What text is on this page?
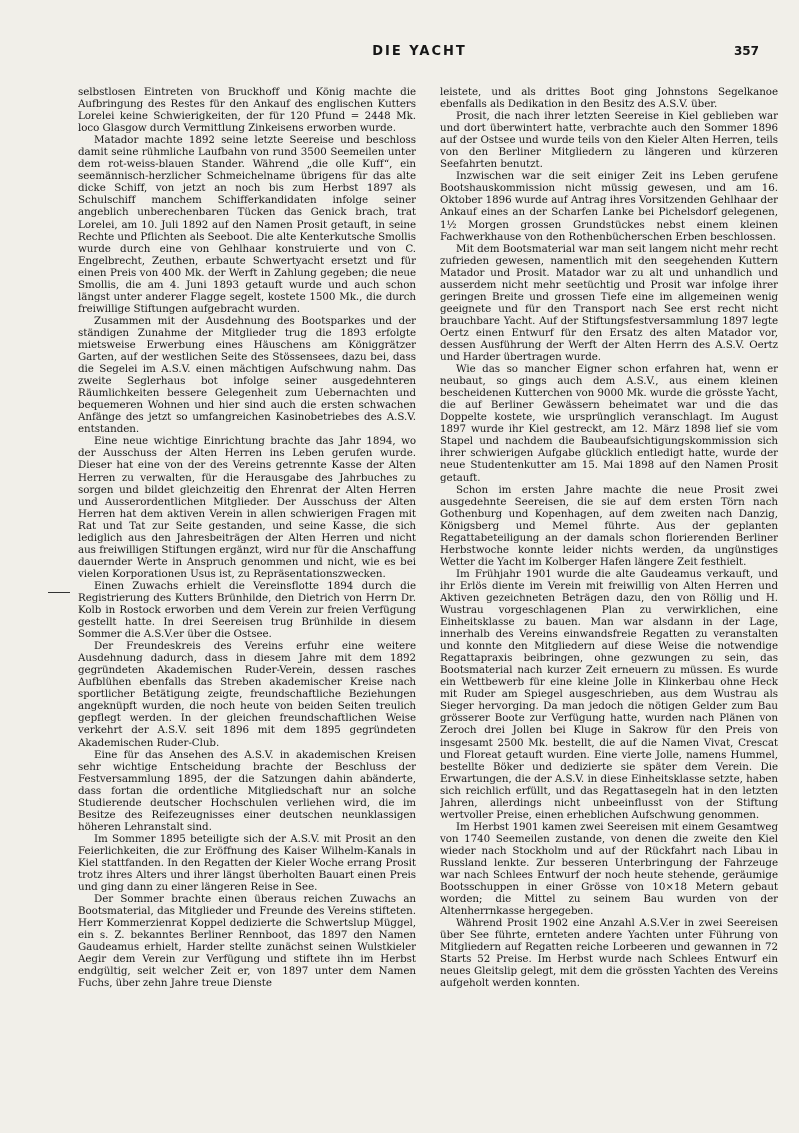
DIE YACHT	357

selbstlosen Eintreten von Bruckhoff und König machte die Aufbringung des Restes für den Ankauf des englischen Kutters Lorelei keine Schwierigkeiten, der für 120 Pfund = 2448 Mk. loco Glasgow durch Vermittlung Zinkeisens erworben wurde.

Matador machte 1892 seine letzte Seereise und beschloss damit seine rühmliche Laufbahn von rund 3500 Seemeilen unter dem rot-weiss-blauen Stander. Während „die olle Kuff“, ein seemännisch-herzlicher Schmeichelname übrigens für das alte dicke Schiff, von jetzt an noch bis zum Herbst 1897 als Schulschiff manchem Schifferkandidaten infolge seiner angeblich unberechenbaren Tücken das Genick brach, trat Lorelei, am 10. Juli 1892 auf den Namen Prosit getauft, in seine Rechte und Pflichten als Seeboot. Die alte Kenterkutsche Smollis wurde durch eine von Gehlhaar konstruierte und von C. Engelbrecht, Zeuthen, erbaute Schwertyacht ersetzt und für einen Preis von 400 Mk. der Werft in Zahlung gegeben; die neue Smollis, die am 4. Juni 1893 getauft wurde und auch schon längst unter anderer Flagge segelt, kostete 1500 Mk., die durch freiwillige Stiftungen aufgebracht wurden.

Zusammen mit der Ausdehnung des Bootsparkes und der ständigen Zunahme der Mitglieder trug die 1893 erfolgte mietsweise Erwerbung eines Häuschens am Königgrätzer Garten, auf der westlichen Seite des Stössensees, dazu bei, dass die Segelei im A.S.V. einen mächtigen Aufschwung nahm. Das zweite Seglerhaus bot infolge seiner ausgedehnteren Räumlichkeiten bessere Gelegenheit zum Uebernachten und bequemeren Wohnen und hier sind auch die ersten schwachen Anfänge des jetzt so umfangreichen Kasinobetriebes des A.S.V. entstanden.

Eine neue wichtige Einrichtung brachte das Jahr 1894, wo der Ausschuss der Alten Herren ins Leben gerufen wurde. Dieser hat eine von der des Vereins getrennte Kasse der Alten Herren zu verwalten, für die Herausgabe des Jahrbuches zu sorgen und bildet gleichzeitig den Ehrenrat der Alten Herren und Ausserordentlichen Mitglieder. Der Ausschuss der Alten Herren hat dem aktiven Verein in allen schwierigen Fragen mit Rat und Tat zur Seite gestanden, und seine Kasse, die sich lediglich aus den Jahresbeiträgen der Alten Herren und nicht aus freiwilligen Stiftungen ergänzt, wird nur für die Anschaffung dauernder Werte in Anspruch genommen und nicht, wie es bei vielen Korporationen Usus ist, zu Repräsentationszwecken.

Einen Zuwachs erhielt die Vereinsflotte 1894 durch die Registrierung des Kutters Brünhilde, den Dietrich von Herrn Dr. Kolb in Rostock erworben und dem Verein zur freien Verfügung gestellt hatte. In drei Seereisen trug Brünhilde in diesem Sommer die A.S.V.er über die Ostsee.

Der Freundeskreis des Vereins erfuhr eine weitere Ausdehnung dadurch, dass in diesem Jahre mit dem 1892 gegründeten Akademischen Ruder-Verein, dessen rasches Aufblühen ebenfalls das Streben akademischer Kreise nach sportlicher Betätigung zeigte, freundschaftliche Beziehungen angeknüpft wurden, die noch heute von beiden Seiten treulich gepflegt werden. In der gleichen freundschaftlichen Weise verkehrt der A.S.V. seit 1896 mit dem 1895 gegründeten Akademischen Ruder-Club.

Eine für das Ansehen des A.S.V. in akademischen Kreisen sehr wichtige Entscheidung brachte der Beschluss der Festversammlung 1895, der die Satzungen dahin abänderte, dass fortan die ordentliche Mitgliedschaft nur an solche Studierende deutscher Hochschulen verliehen wird, die im Besitze des Reifezeugnisses einer deutschen neunklassigen höheren Lehranstalt sind.

Im Sommer 1895 beteiligte sich der A.S.V. mit Prosit an den Feierlichkeiten, die zur Eröffnung des Kaiser Wilhelm-Kanals in Kiel stattfanden. In den Regatten der Kieler Woche errang Prosit trotz ihres Alters und ihrer längst überholten Bauart einen Preis und ging dann zu einer längeren Reise in See.

Der Sommer brachte einen überaus reichen Zuwachs an Bootsmaterial, das Mitglieder und Freunde des Vereins stifteten. Herr Kommerzienrat Koppel dedizierte die Schwertslup Müggel, ein s. Z. bekanntes Berliner Rennboot, das 1897 den Namen Gaudeamus erhielt, Harder stellte zunächst seinen Wulstkieler Aegir dem Verein zur Verfügung und stiftete ihn im Herbst endgültig, seit welcher Zeit er, von 1897 unter dem Namen Fuchs, über zehn Jahre treue Dienste

leistete, und als drittes Boot ging Johnstons Segelkanoe ebenfalls als Dedikation in den Besitz des A.S.V. über.

Prosit, die nach ihrer letzten Seereise in Kiel geblieben war und dort überwintert hatte, verbrachte auch den Sommer 1896 auf der Ostsee und wurde teils von den Kieler Alten Herren, teils von den Berliner Mitgliedern zu längeren und kürzeren Seefahrten benutzt.

Inzwischen war die seit einiger Zeit ins Leben gerufene Bootshauskommission nicht müssig gewesen, und am 16. Oktober 1896 wurde auf Antrag ihres Vorsitzenden Gehlhaar der Ankauf eines an der Scharfen Lanke bei Pichelsdorf gelegenen, 1½ Morgen grossen Grundstückes nebst einem kleinen Fachwerkhause von den Rothenbücherschen Erben beschlossen.

Mit dem Bootsmaterial war man seit langem nicht mehr recht zufrieden gewesen, namentlich mit den seegehenden Kuttern Matador und Prosit. Matador war zu alt und unhandlich und ausserdem nicht mehr seetüchtig und Prosit war infolge ihrer geringen Breite und grossen Tiefe eine im allgemeinen wenig geeignete und für den Transport nach See erst recht nicht brauchbare Yacht. Auf der Stiftungsfestversammlung 1897 legte Oertz einen Entwurf für den Ersatz des alten Matador vor, dessen Ausführung der Werft der Alten Herrn des A.S.V. Oertz und Harder übertragen wurde.

Wie das so mancher Eigner schon erfahren hat, wenn er neubaut, so gings auch dem A.S.V., aus einem kleinen bescheidenen Kutterchen von 9000 Mk. wurde die grösste Yacht, die auf Berliner Gewässern beheimatet war und die das Doppelte kostete, wie ursprünglich veranschlagt. Im August 1897 wurde ihr Kiel gestreckt, am 12. März 1898 lief sie vom Stapel und nachdem die Baubeaufsichtigungskommission sich ihrer schwierigen Aufgabe glücklich entledigt hatte, wurde der neue Studentenkutter am 15. Mai 1898 auf den Namen Prosit getauft.

Schon im ersten Jahre machte die neue Prosit zwei ausgedehnte Seereisen, die sie auf dem ersten Törn nach Gothenburg und Kopenhagen, auf dem zweiten nach Danzig, Königsberg und Memel führte. Aus der geplanten Regattabeteiligung an der damals schon florierenden Berliner Herbstwoche konnte leider nichts werden, da ungünstiges Wetter die Yacht im Kolberger Hafen längere Zeit festhielt.

Im Frühjahr 1901 wurde die alte Gaudeamus verkauft, und ihr Erlös diente im Verein mit freiwillig von Alten Herren und Aktiven gezeichneten Beträgen dazu, den von Röllig und H. Wustrau vorgeschlagenen Plan zu verwirklichen, eine Einheitsklasse zu bauen. Man war alsdann in der Lage, innerhalb des Vereins einwandsfreie Regatten zu veranstalten und konnte den Mitgliedern auf diese Weise die notwendige Regattapraxis beibringen, ohne gezwungen zu sein, das Bootsmaterial nach kurzer Zeit erneuern zu müssen. Es wurde ein Wettbewerb für eine kleine Jolle in Klinkerbau ohne Heck mit Ruder am Spiegel ausgeschrieben, aus dem Wustrau als Sieger hervorging. Da man jedoch die nötigen Gelder zum Bau grösserer Boote zur Verfügung hatte, wurden nach Plänen von Zeroch drei Jollen bei Kluge in Sakrow für den Preis von insgesamt 2500 Mk. bestellt, die auf die Namen Vivat, Crescat und Floreat getauft wurden. Eine vierte Jolle, namens Hummel, bestellte Böker und dedizierte sie später dem Verein. Die Erwartungen, die der A.S.V. in diese Einheitsklasse setzte, haben sich reichlich erfüllt, und das Regattasegeln hat in den letzten Jahren, allerdings nicht unbeeinflusst von der Stiftung wertvoller Preise, einen erheblichen Aufschwung genommen.

Im Herbst 1901 kamen zwei Seereisen mit einem Gesamtweg von 1740 Seemeilen zustande, von denen die zweite den Kiel wieder nach Stockholm und auf der Rückfahrt nach Libau in Russland lenkte. Zur besseren Unterbringung der Fahrzeuge war nach Schlees Entwurf der noch heute stehende, geräumige Bootsschuppen in einer Grösse von 10×18 Metern gebaut worden; die Mittel zu seinem Bau wurden von der Altenherrnkasse hergegeben.

Während Prosit 1902 eine Anzahl A.S.V.er in zwei Seereisen über See führte, ernteten andere Yachten unter Führung von Mitgliedern auf Regatten reiche Lorbeeren und gewannen in 72 Starts 52 Preise. Im Herbst wurde nach Schlees Entwurf ein neues Gleitslip gelegt, mit dem die grössten Yachten des Vereins aufgeholt werden konnten.
